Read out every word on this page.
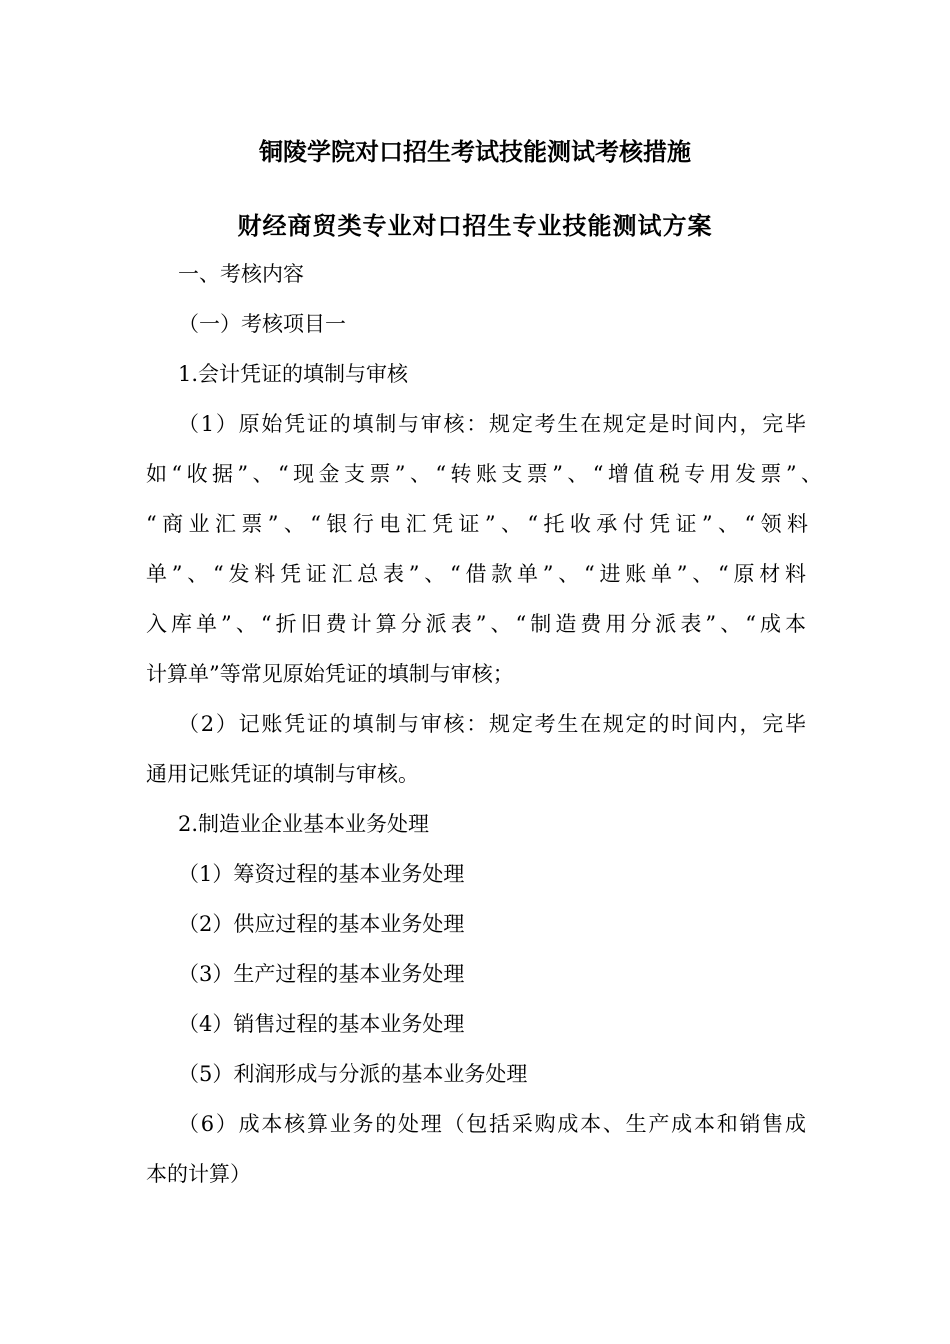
铜陵学院对口招生考试技能测试考核措施
财经商贸类专业对口招生专业技能测试方案
一、考核内容
（一）考核项目一
1.会计凭证的填制与审核
（1）原始凭证的填制与审核：规定考生在规定是时间内，完毕
如“收据”、“现金支票”、“转账支票”、“增值税专用发票”、
“商业汇票”、“银行电汇凭证”、“托收承付凭证”、“领料
单”、“发料凭证汇总表”、“借款单”、“进账单”、“原材料
入库单”、“折旧费计算分派表”、“制造费用分派表”、“成本
计算单”等常见原始凭证的填制与审核；
（2）记账凭证的填制与审核：规定考生在规定的时间内，完毕
通用记账凭证的填制与审核。
2.制造业企业基本业务处理
（1）筹资过程的基本业务处理
（2）供应过程的基本业务处理
（3）生产过程的基本业务处理
（4）销售过程的基本业务处理
（5）利润形成与分派的基本业务处理
（6）成本核算业务的处理（包括采购成本、生产成本和销售成
本的计算）
